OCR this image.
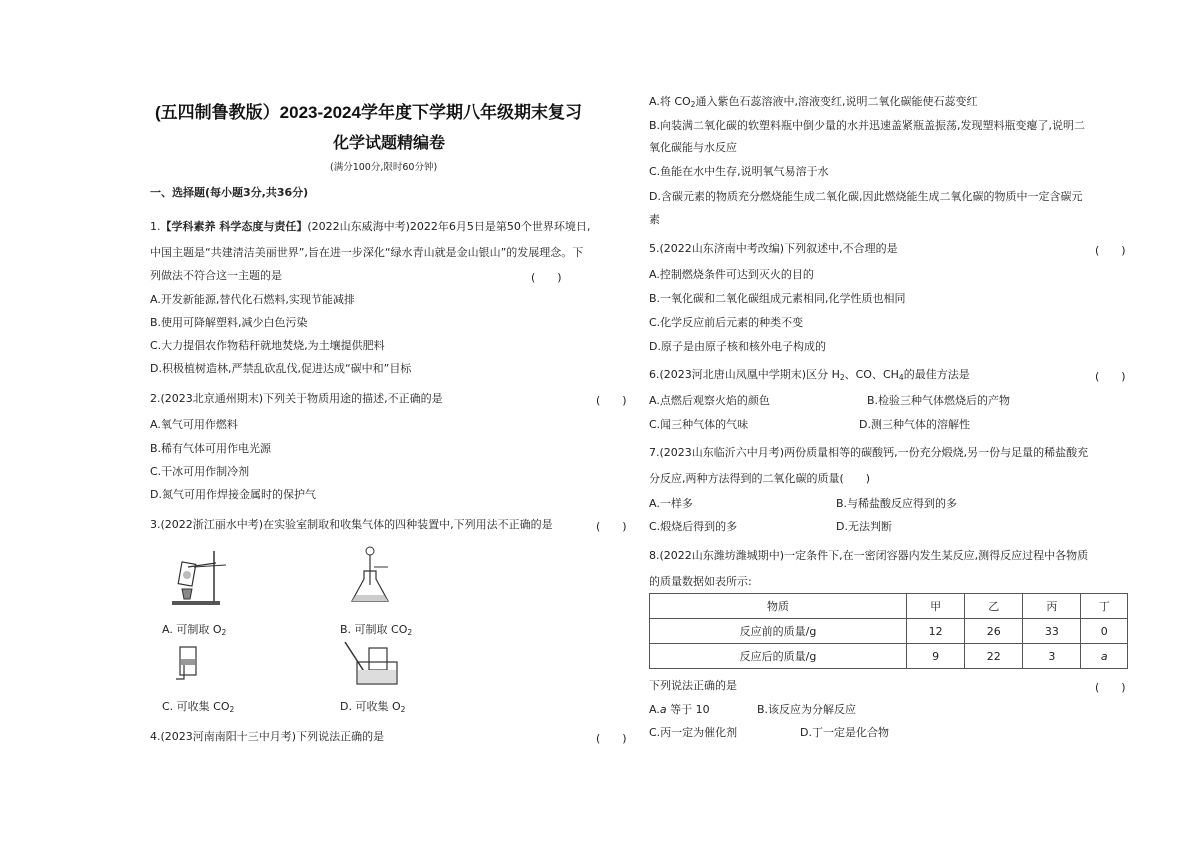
(五四制鲁教版）2023-2024学年度下学期八年级期末复习
化学试题精编卷
(满分100分,限时60分钟)
一、选择题(每小题3分,共36分)
1.【学科素养 科学态度与责任】(2022山东威海中考)2022年6月5日是第50个世界环境日,
中国主题是“共建清洁美丽世界”,旨在进一步深化“绿水青山就是金山银山”的发展理念。下
列做法不符合这一主题的是	(　　)
A.开发新能源,替代化石燃料,实现节能减排
B.使用可降解塑料,减少白色污染
C.大力提倡农作物秸秆就地焚烧,为土壤提供肥料
D.积极植树造林,严禁乱砍乱伐,促进达成“碳中和”目标
2.(2023北京通州期末)下列关于物质用途的描述,不正确的是	(　　)
A.氧气可用作燃料
B.稀有气体可用作电光源
C.干冰可用作制冷剂
D.氮气可用作焊接金属时的保护气
3.(2022浙江丽水中考)在实验室制取和收集气体的四种装置中,下列用法不正确的是	(　　)
A. 可制取 $O_2$	B. 可制取 $CO_2$
C. 可收集 $CO_2$	D. 可收集 $O_2$
4.(2023河南南阳十三中月考)下列说法正确的是	(　　)
A.将 $CO_2$通入紫色石蕊溶液中,溶液变红,说明二氧化碳能使石蕊变红
B.向装满二氧化碳的软塑料瓶中倒少量的水并迅速盖紧瓶盖振荡,发现塑料瓶变瘪了,说明二
氧化碳能与水反应
C.鱼能在水中生存,说明氧气易溶于水
D.含碳元素的物质充分燃烧能生成二氧化碳,因此燃烧能生成二氧化碳的物质中一定含碳元
素
5.(2022山东济南中考改编)下列叙述中,不合理的是	(　　)
A.控制燃烧条件可达到灭火的目的
B.一氧化碳和二氧化碳组成元素相同,化学性质也相同
C.化学反应前后元素的种类不变
D.原子是由原子核和核外电子构成的
6.(2023河北唐山凤凰中学期末)区分 $H_2$、CO、$CH_4$的最佳方法是	(　　)
A.点燃后观察火焰的颜色	B.检验三种气体燃烧后的产物
C.闻三种气体的气味	D.测三种气体的溶解性
7.(2023山东临沂六中月考)两份质量相等的碳酸钙,一份充分煅烧,另一份与足量的稀盐酸充
分反应,两种方法得到的二氧化碳的质量(　　)
A.一样多	B.与稀盐酸反应得到的多
C.煅烧后得到的多	D.无法判断
8.(2022山东潍坊潍城期中)一定条件下,在一密闭容器内发生某反应,测得反应过程中各物质
的质量数据如表所示:
物质	甲	乙	丙	丁
反应前的质量/g	12	26	33	0
反应后的质量/g	9	22	3	a
下列说法正确的是	(　　)
A.a 等于 10	B.该反应为分解反应
C.丙一定为催化剂	D.丁一定是化合物
